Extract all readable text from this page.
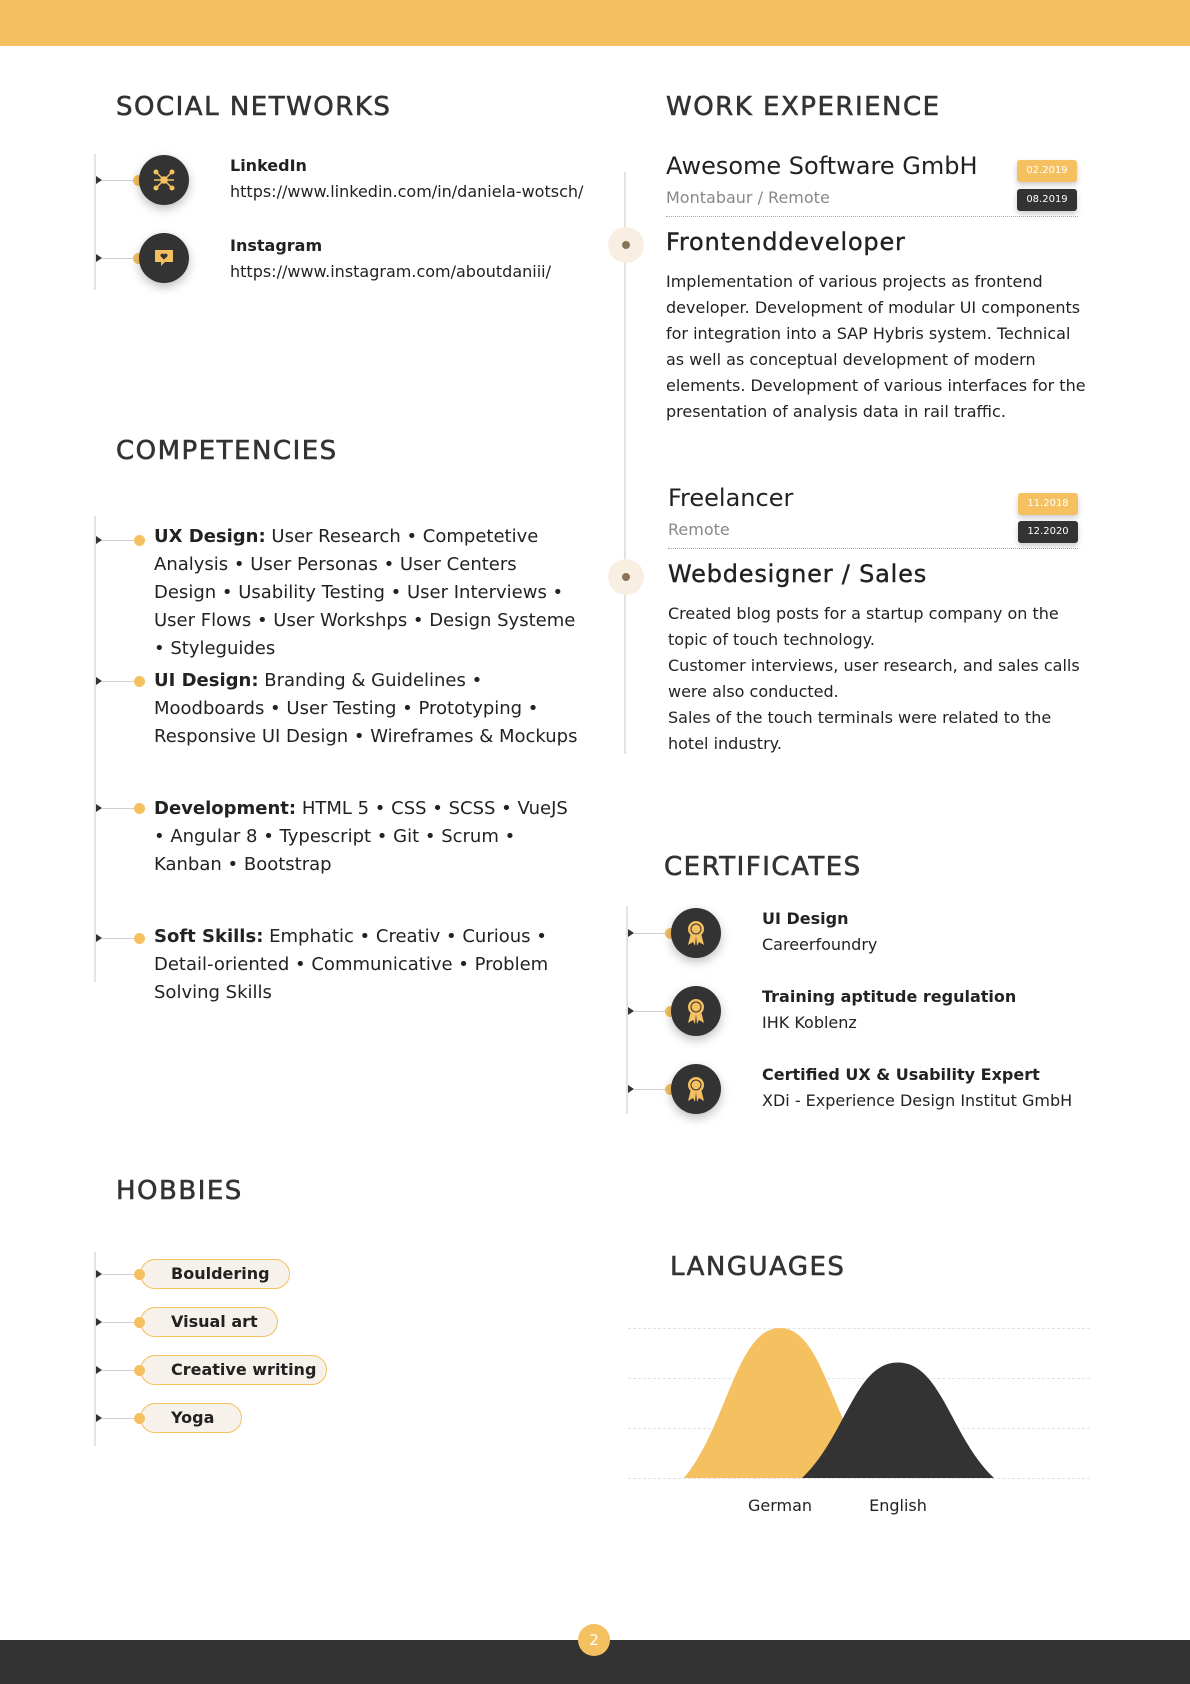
SOCIAL NETWORKS
LinkedIn
https://www.linkedin.com/in/daniela-wotsch/
Instagram
https://www.instagram.com/aboutdaniii/
COMPETENCIES
UX Design: User Research • Competetive Analysis • User Personas • User Centers Design • Usability Testing • User Interviews • User Flows • User Workshps • Design Systeme • Styleguides
UI Design: Branding & Guidelines • Moodboards • User Testing • Prototyping • Responsive UI Design • Wireframes & Mockups
Development: HTML 5 • CSS • SCSS • VueJS • Angular 8 • Typescript • Git • Scrum • Kanban • Bootstrap
Soft Skills: Emphatic • Creativ • Curious • Detail-oriented • Communicative • Problem Solving Skills
WORK EXPERIENCE
Awesome Software GmbH
Montabaur / Remote
02.2019
08.2019
Frontenddeveloper
Implementation of various projects as frontend developer. Development of modular UI components for integration into a SAP Hybris system. Technical as well as conceptual development of modern elements. Development of various interfaces for the presentation of analysis data in rail traffic.
Freelancer
Remote
11.2018
12.2020
Webdesigner / Sales
Created blog posts for a startup company on the topic of touch technology.
Customer interviews, user research, and sales calls were also conducted.
Sales of the touch terminals were related to the hotel industry.
CERTIFICATES
UI Design
Careerfoundry
Training aptitude regulation
IHK Koblenz
Certified UX & Usability Expert
XDi - Experience Design Institut GmbH
HOBBIES
Bouldering
Visual art
Creative writing
Yoga
LANGUAGES
German	English
2
